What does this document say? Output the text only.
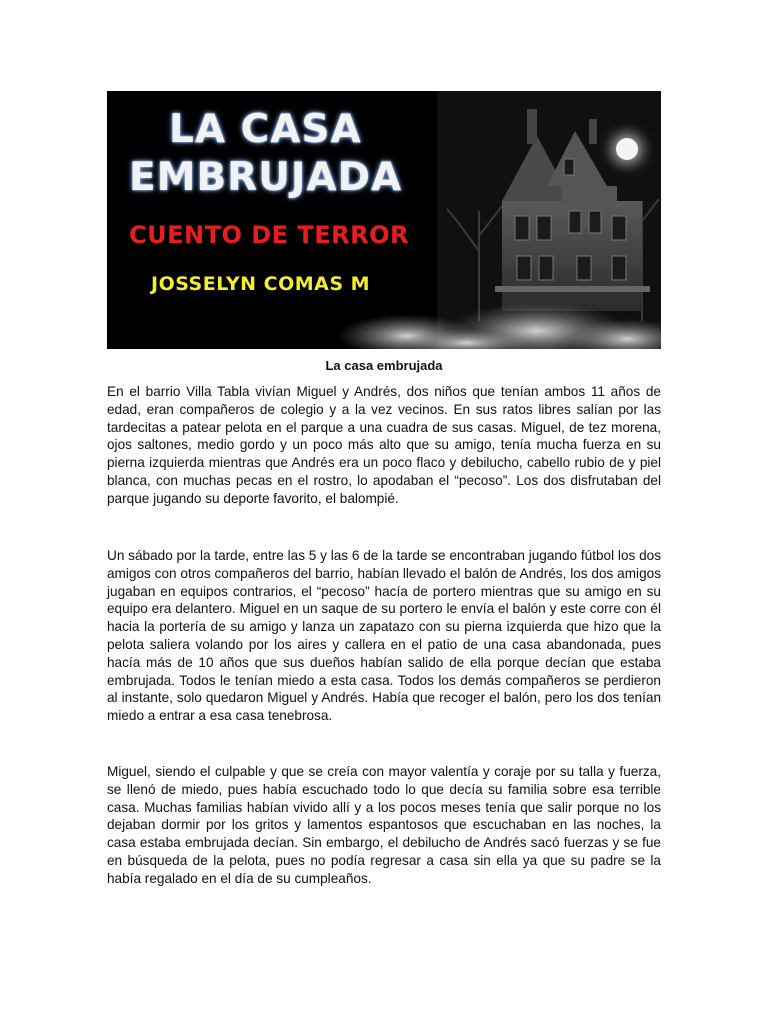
LA CASA
EMBRUJADA
CUENTO DE TERROR
JOSSELYN COMAS M
La casa embrujada

En el barrio Villa Tabla vivían Miguel y Andrés, dos niños que tenían ambos 11 años de edad, eran compañeros de colegio y a la vez vecinos. En sus ratos libres salían por las tardecitas a patear pelota en el parque a una cuadra de sus casas. Miguel, de tez morena, ojos saltones, medio gordo y un poco más alto que su amigo, tenía mucha fuerza en su pierna izquierda mientras que Andrés era un poco flaco y debilucho, cabello rubio de y piel blanca, con muchas pecas en el rostro, lo apodaban el “pecoso”. Los dos disfrutaban del parque jugando su deporte favorito, el balompié.

Un sábado por la tarde, entre las 5 y las 6 de la tarde se encontraban jugando fútbol los dos amigos con otros compañeros del barrio, habían llevado el balón de Andrés, los dos amigos jugaban en equipos contrarios, el “pecoso” hacía de portero mientras que su amigo en su equipo era delantero. Miguel en un saque de su portero le envía el balón y este corre con él hacia la portería de su amigo y lanza un zapatazo con su pierna izquierda que hizo que la pelota saliera volando por los aires y callera en el patio de una casa abandonada, pues hacía más de 10 años que sus dueños habían salido de ella porque decían que estaba embrujada. Todos le tenían miedo a esta casa. Todos los demás compañeros se perdieron al instante, solo quedaron Miguel y Andrés. Había que recoger el balón, pero los dos tenían miedo a entrar a esa casa tenebrosa.

Miguel, siendo el culpable y que se creía con mayor valentía y coraje por su talla y fuerza, se llenó de miedo, pues había escuchado todo lo que decía su familia sobre esa terrible casa. Muchas familias habían vivido allí y a los pocos meses tenía que salir porque no los dejaban dormir por los gritos y lamentos espantosos que escuchaban en las noches, la casa estaba embrujada decían. Sin embargo, el debilucho de Andrés sacó fuerzas y se fue en búsqueda de la pelota, pues no podía regresar a casa sin ella ya que su padre se la había regalado en el día de su cumpleaños.
